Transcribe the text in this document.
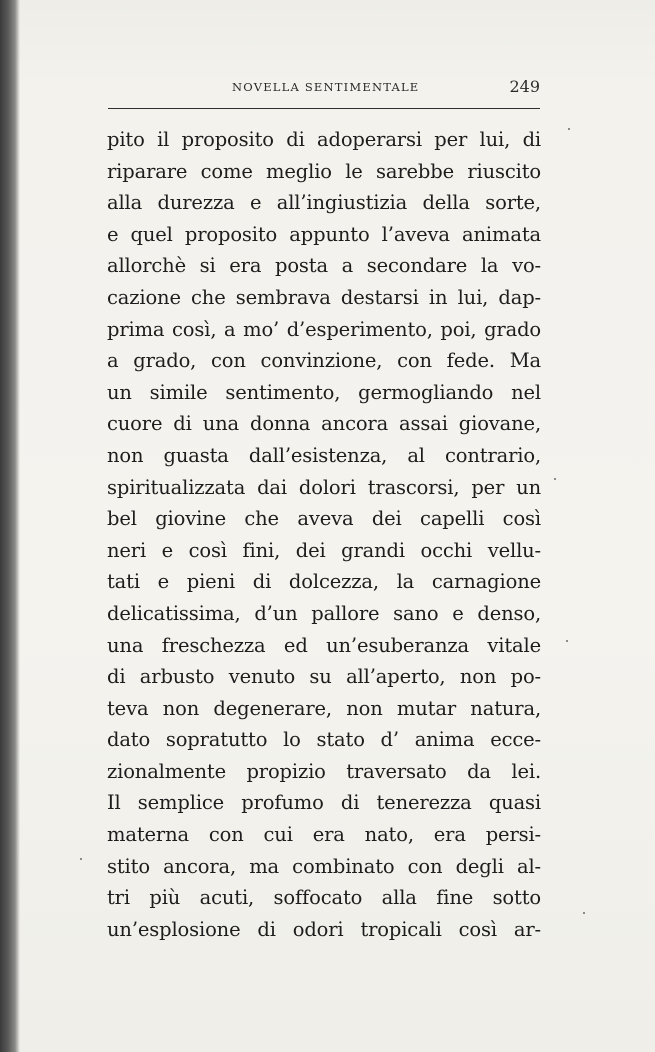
NOVELLA SENTIMENTALE	249
pito il proposito di adoperarsi per lui, di
riparare come meglio le sarebbe riuscito
alla durezza e all’ingiustizia della sorte,
e quel proposito appunto l’aveva animata
allorchè si era posta a secondare la vo-
cazione che sembrava destarsi in lui, dap-
prima così, a mo’ d’esperimento, poi, grado
a grado, con convinzione, con fede. Ma
un simile sentimento, germogliando nel
cuore di una donna ancora assai giovane,
non guasta dall’esistenza, al contrario,
spiritualizzata dai dolori trascorsi, per un
bel giovine che aveva dei capelli così
neri e così fini, dei grandi occhi vellu-
tati e pieni di dolcezza, la carnagione
delicatissima, d’un pallore sano e denso,
una freschezza ed un’esuberanza vitale
di arbusto venuto su all’aperto, non po-
teva non degenerare, non mutar natura,
dato sopratutto lo stato d’ anima ecce-
zionalmente propizio traversato da lei.
Il semplice profumo di tenerezza quasi
materna con cui era nato, era persi-
stito ancora, ma combinato con degli al-
tri più acuti, soffocato alla fine sotto
un’esplosione di odori tropicali così ar-
